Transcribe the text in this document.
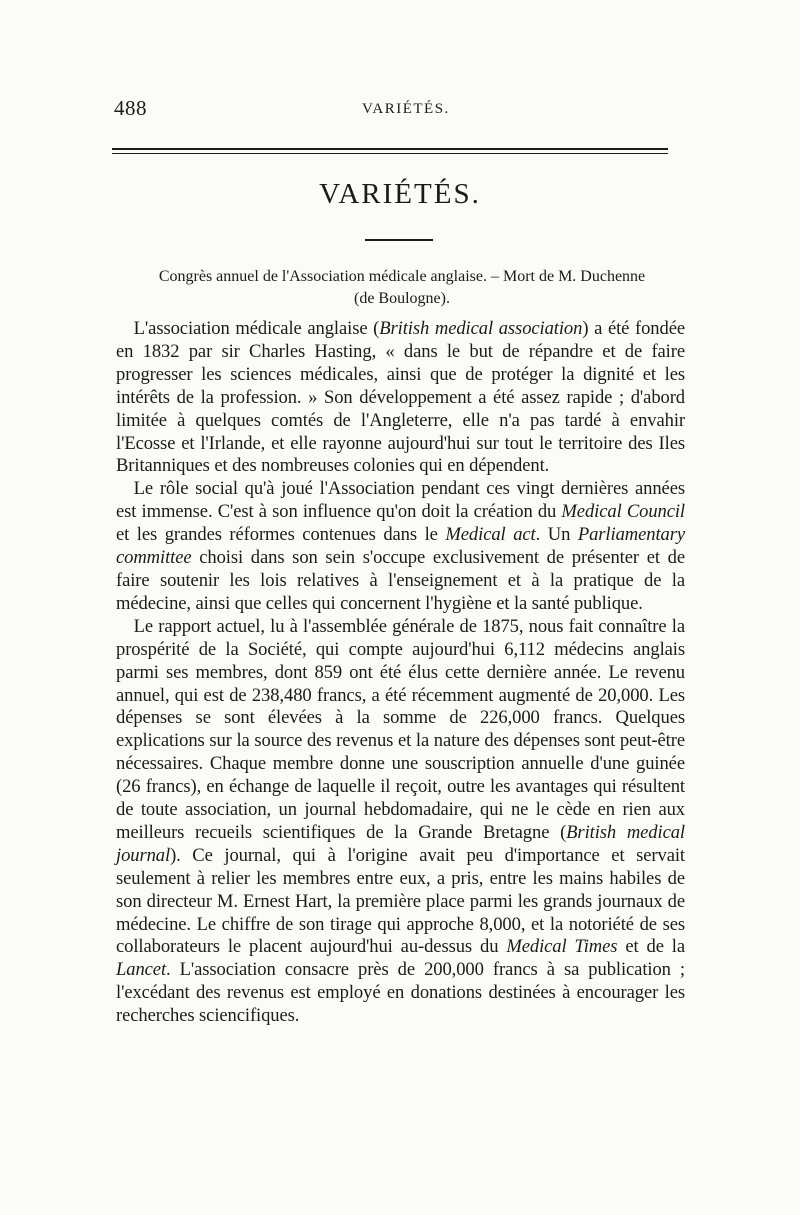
488	VARIÉTÉS.
VARIÉTÉS.
Congrès annuel de l'Association médicale anglaise. – Mort de M. Duchenne
(de Boulogne).

L'association médicale anglaise (British medical association) a été fondée en 1832 par sir Charles Hasting, « dans le but de répandre et de faire progresser les sciences médicales, ainsi que de protéger la dignité et les intérêts de la profession. » Son développement a été assez rapide ; d'abord limitée à quelques comtés de l'Angleterre, elle n'a pas tardé à envahir l'Ecosse et l'Irlande, et elle rayonne aujourd'hui sur tout le territoire des Iles Britanniques et des nombreuses colonies qui en dépendent.

Le rôle social qu'à joué l'Association pendant ces vingt dernières années est immense. C'est à son influence qu'on doit la création du Medical Council et les grandes réformes contenues dans le Medical act. Un Parliamentary committee choisi dans son sein s'occupe exclusivement de présenter et de faire soutenir les lois relatives à l'enseignement et à la pratique de la médecine, ainsi que celles qui concernent l'hygiène et la santé publique.

Le rapport actuel, lu à l'assemblée générale de 1875, nous fait connaître la prospérité de la Société, qui compte aujourd'hui 6,112 médecins anglais parmi ses membres, dont 859 ont été élus cette dernière année. Le revenu annuel, qui est de 238,480 francs, a été récemment augmenté de 20,000. Les dépenses se sont élevées à la somme de 226,000 francs. Quelques explications sur la source des revenus et la nature des dépenses sont peut-être nécessaires. Chaque membre donne une souscription annuelle d'une guinée (26 francs), en échange de laquelle il reçoit, outre les avantages qui résultent de toute association, un journal hebdomadaire, qui ne le cède en rien aux meilleurs recueils scientifiques de la Grande Bretagne (British medical journal). Ce journal, qui à l'origine avait peu d'importance et servait seulement à relier les membres entre eux, a pris, entre les mains habiles de son directeur M. Ernest Hart, la première place parmi les grands journaux de médecine. Le chiffre de son tirage qui approche 8,000, et la notoriété de ses collaborateurs le placent aujourd'hui au-dessus du Medical Times et de la Lancet. L'association consacre près de 200,000 francs à sa publication ; l'excédant des revenus est employé en donations destinées à encourager les recherches sciencifiques.
